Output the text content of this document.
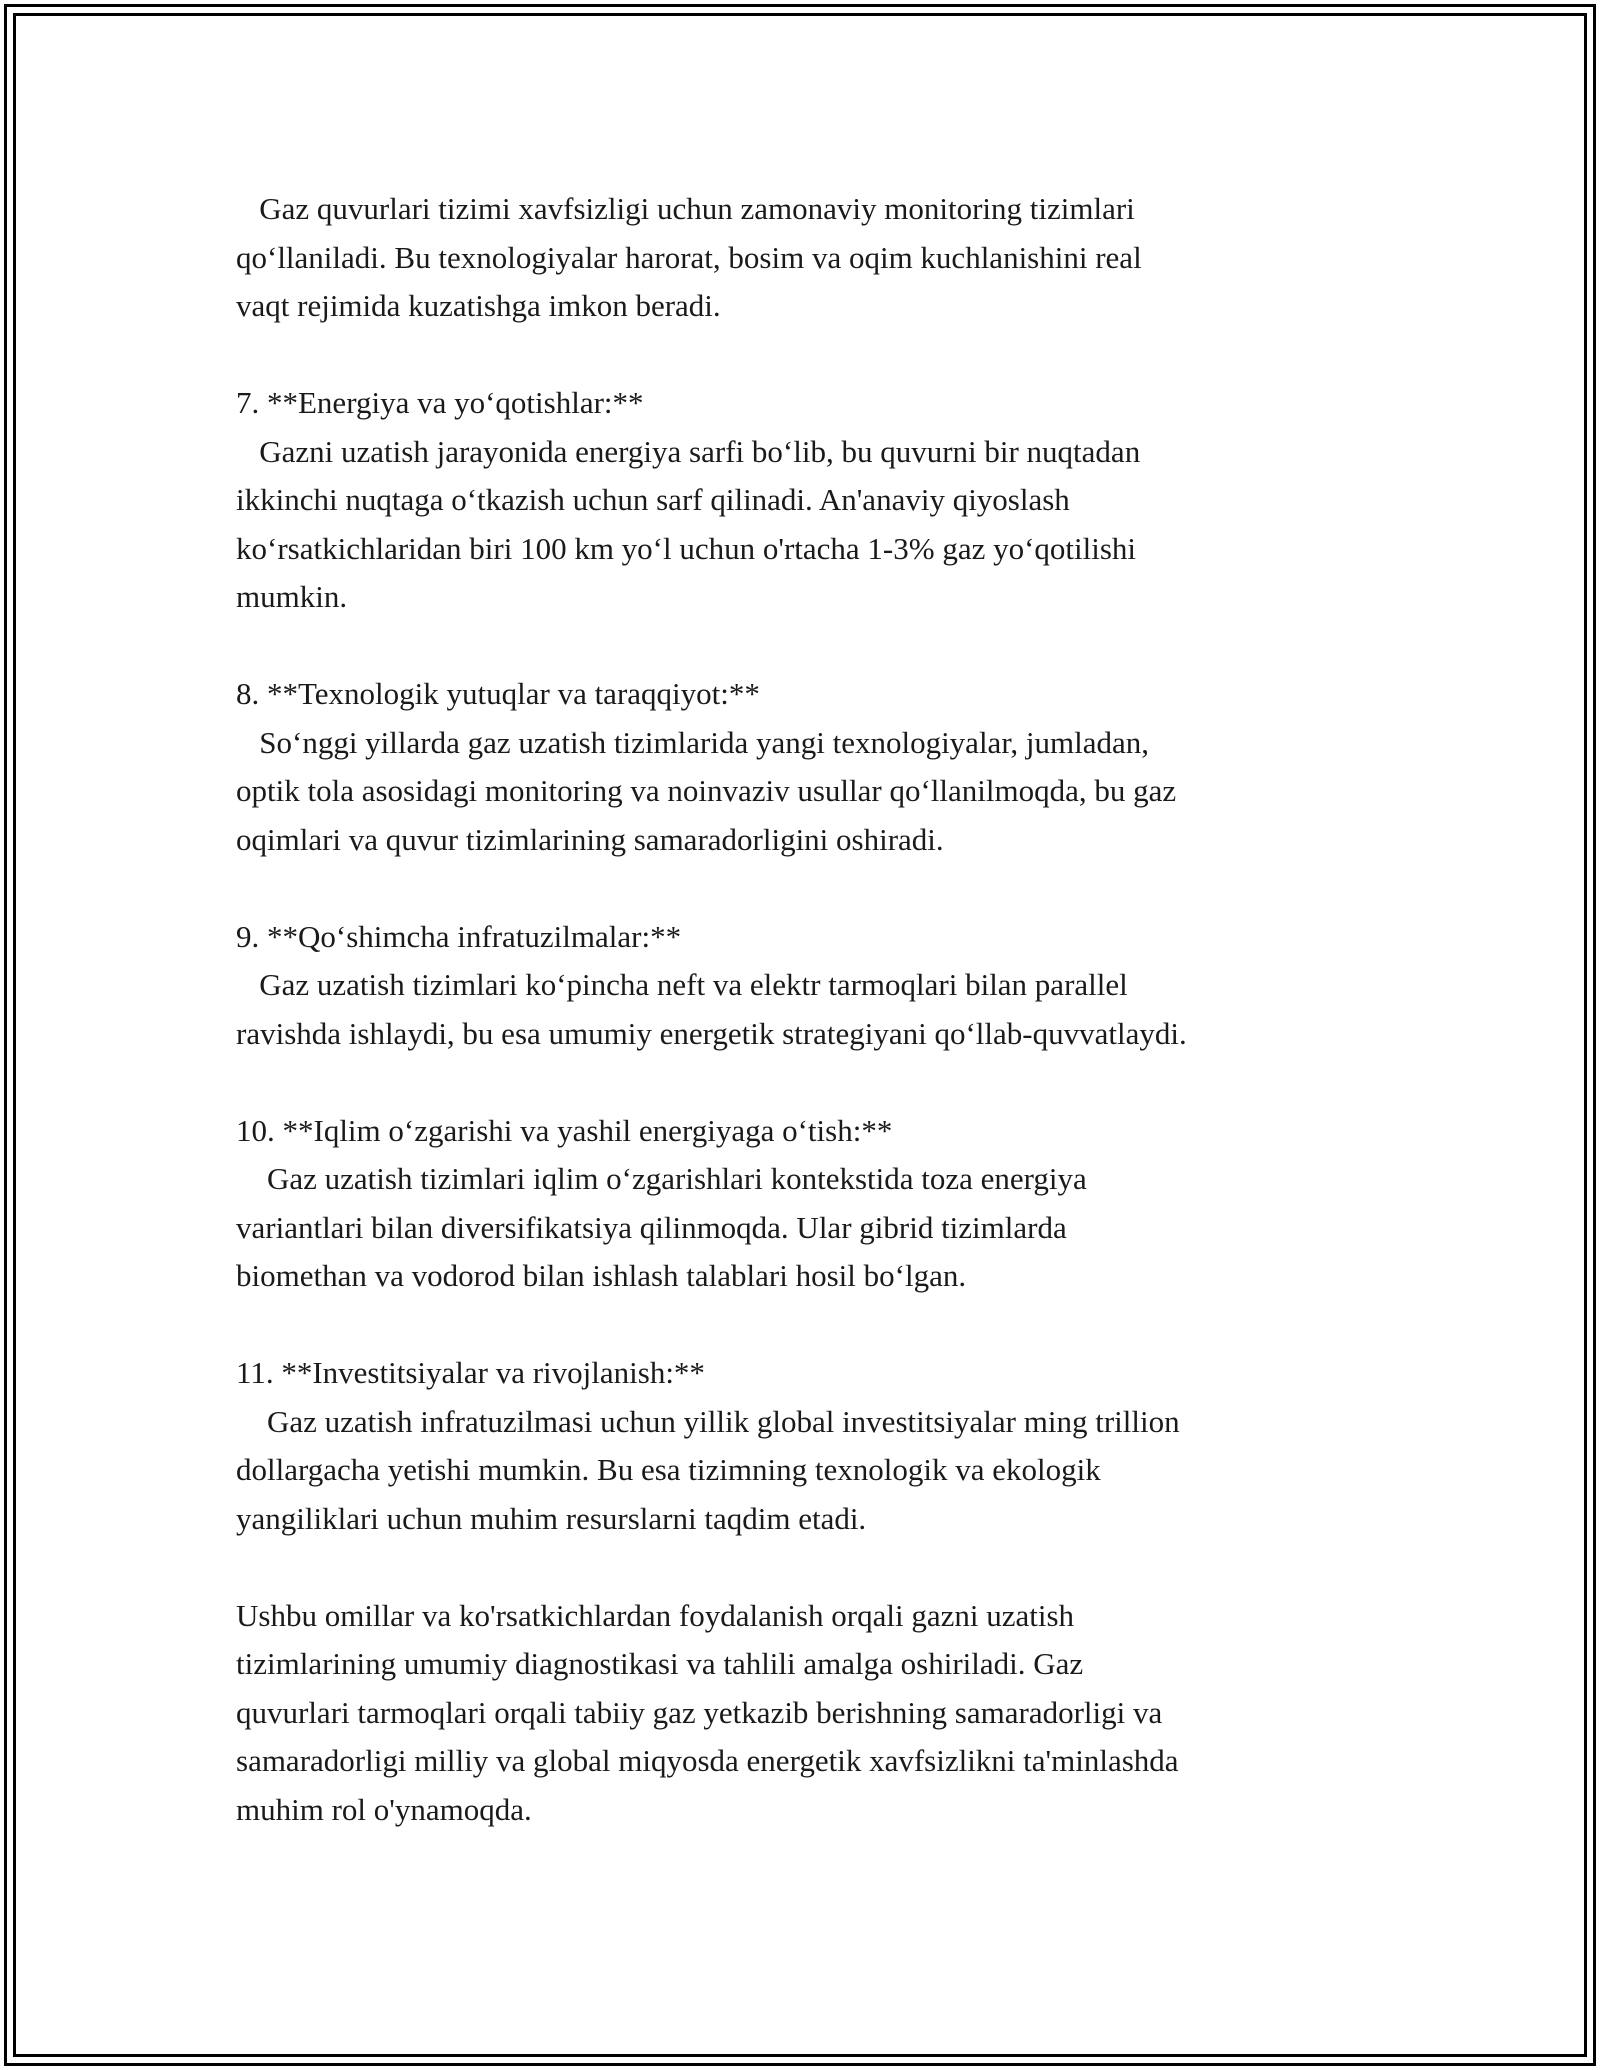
Gaz quvurlari tizimi xavfsizligi uchun zamonaviy monitoring tizimlari
qo‘llaniladi. Bu texnologiyalar harorat, bosim va oqim kuchlanishini real
vaqt rejimida kuzatishga imkon beradi.
7. **Energiya va yo‘qotishlar:**
Gazni uzatish jarayonida energiya sarfi bo‘lib, bu quvurni bir nuqtadan
ikkinchi nuqtaga o‘tkazish uchun sarf qilinadi. An'anaviy qiyoslash
ko‘rsatkichlaridan biri 100 km yo‘l uchun o'rtacha 1-3% gaz yo‘qotilishi
mumkin.
8. **Texnologik yutuqlar va taraqqiyot:**
So‘nggi yillarda gaz uzatish tizimlarida yangi texnologiyalar, jumladan,
optik tola asosidagi monitoring va noinvaziv usullar qo‘llanilmoqda, bu gaz
oqimlari va quvur tizimlarining samaradorligini oshiradi.
9. **Qo‘shimcha infratuzilmalar:**
Gaz uzatish tizimlari ko‘pincha neft va elektr tarmoqlari bilan parallel
ravishda ishlaydi, bu esa umumiy energetik strategiyani qo‘llab-quvvatlaydi.
10. **Iqlim o‘zgarishi va yashil energiyaga o‘tish:**
Gaz uzatish tizimlari iqlim o‘zgarishlari kontekstida toza energiya
variantlari bilan diversifikatsiya qilinmoqda. Ular gibrid tizimlarda
biomethan va vodorod bilan ishlash talablari hosil bo‘lgan.
11. **Investitsiyalar va rivojlanish:**
Gaz uzatish infratuzilmasi uchun yillik global investitsiyalar ming trillion
dollargacha yetishi mumkin. Bu esa tizimning texnologik va ekologik
yangiliklari uchun muhim resurslarni taqdim etadi.
Ushbu omillar va ko'rsatkichlardan foydalanish orqali gazni uzatish
tizimlarining umumiy diagnostikasi va tahlili amalga oshiriladi. Gaz
quvurlari tarmoqlari orqali tabiiy gaz yetkazib berishning samaradorligi va
samaradorligi milliy va global miqyosda energetik xavfsizlikni ta'minlashda
muhim rol o'ynamoqda.
